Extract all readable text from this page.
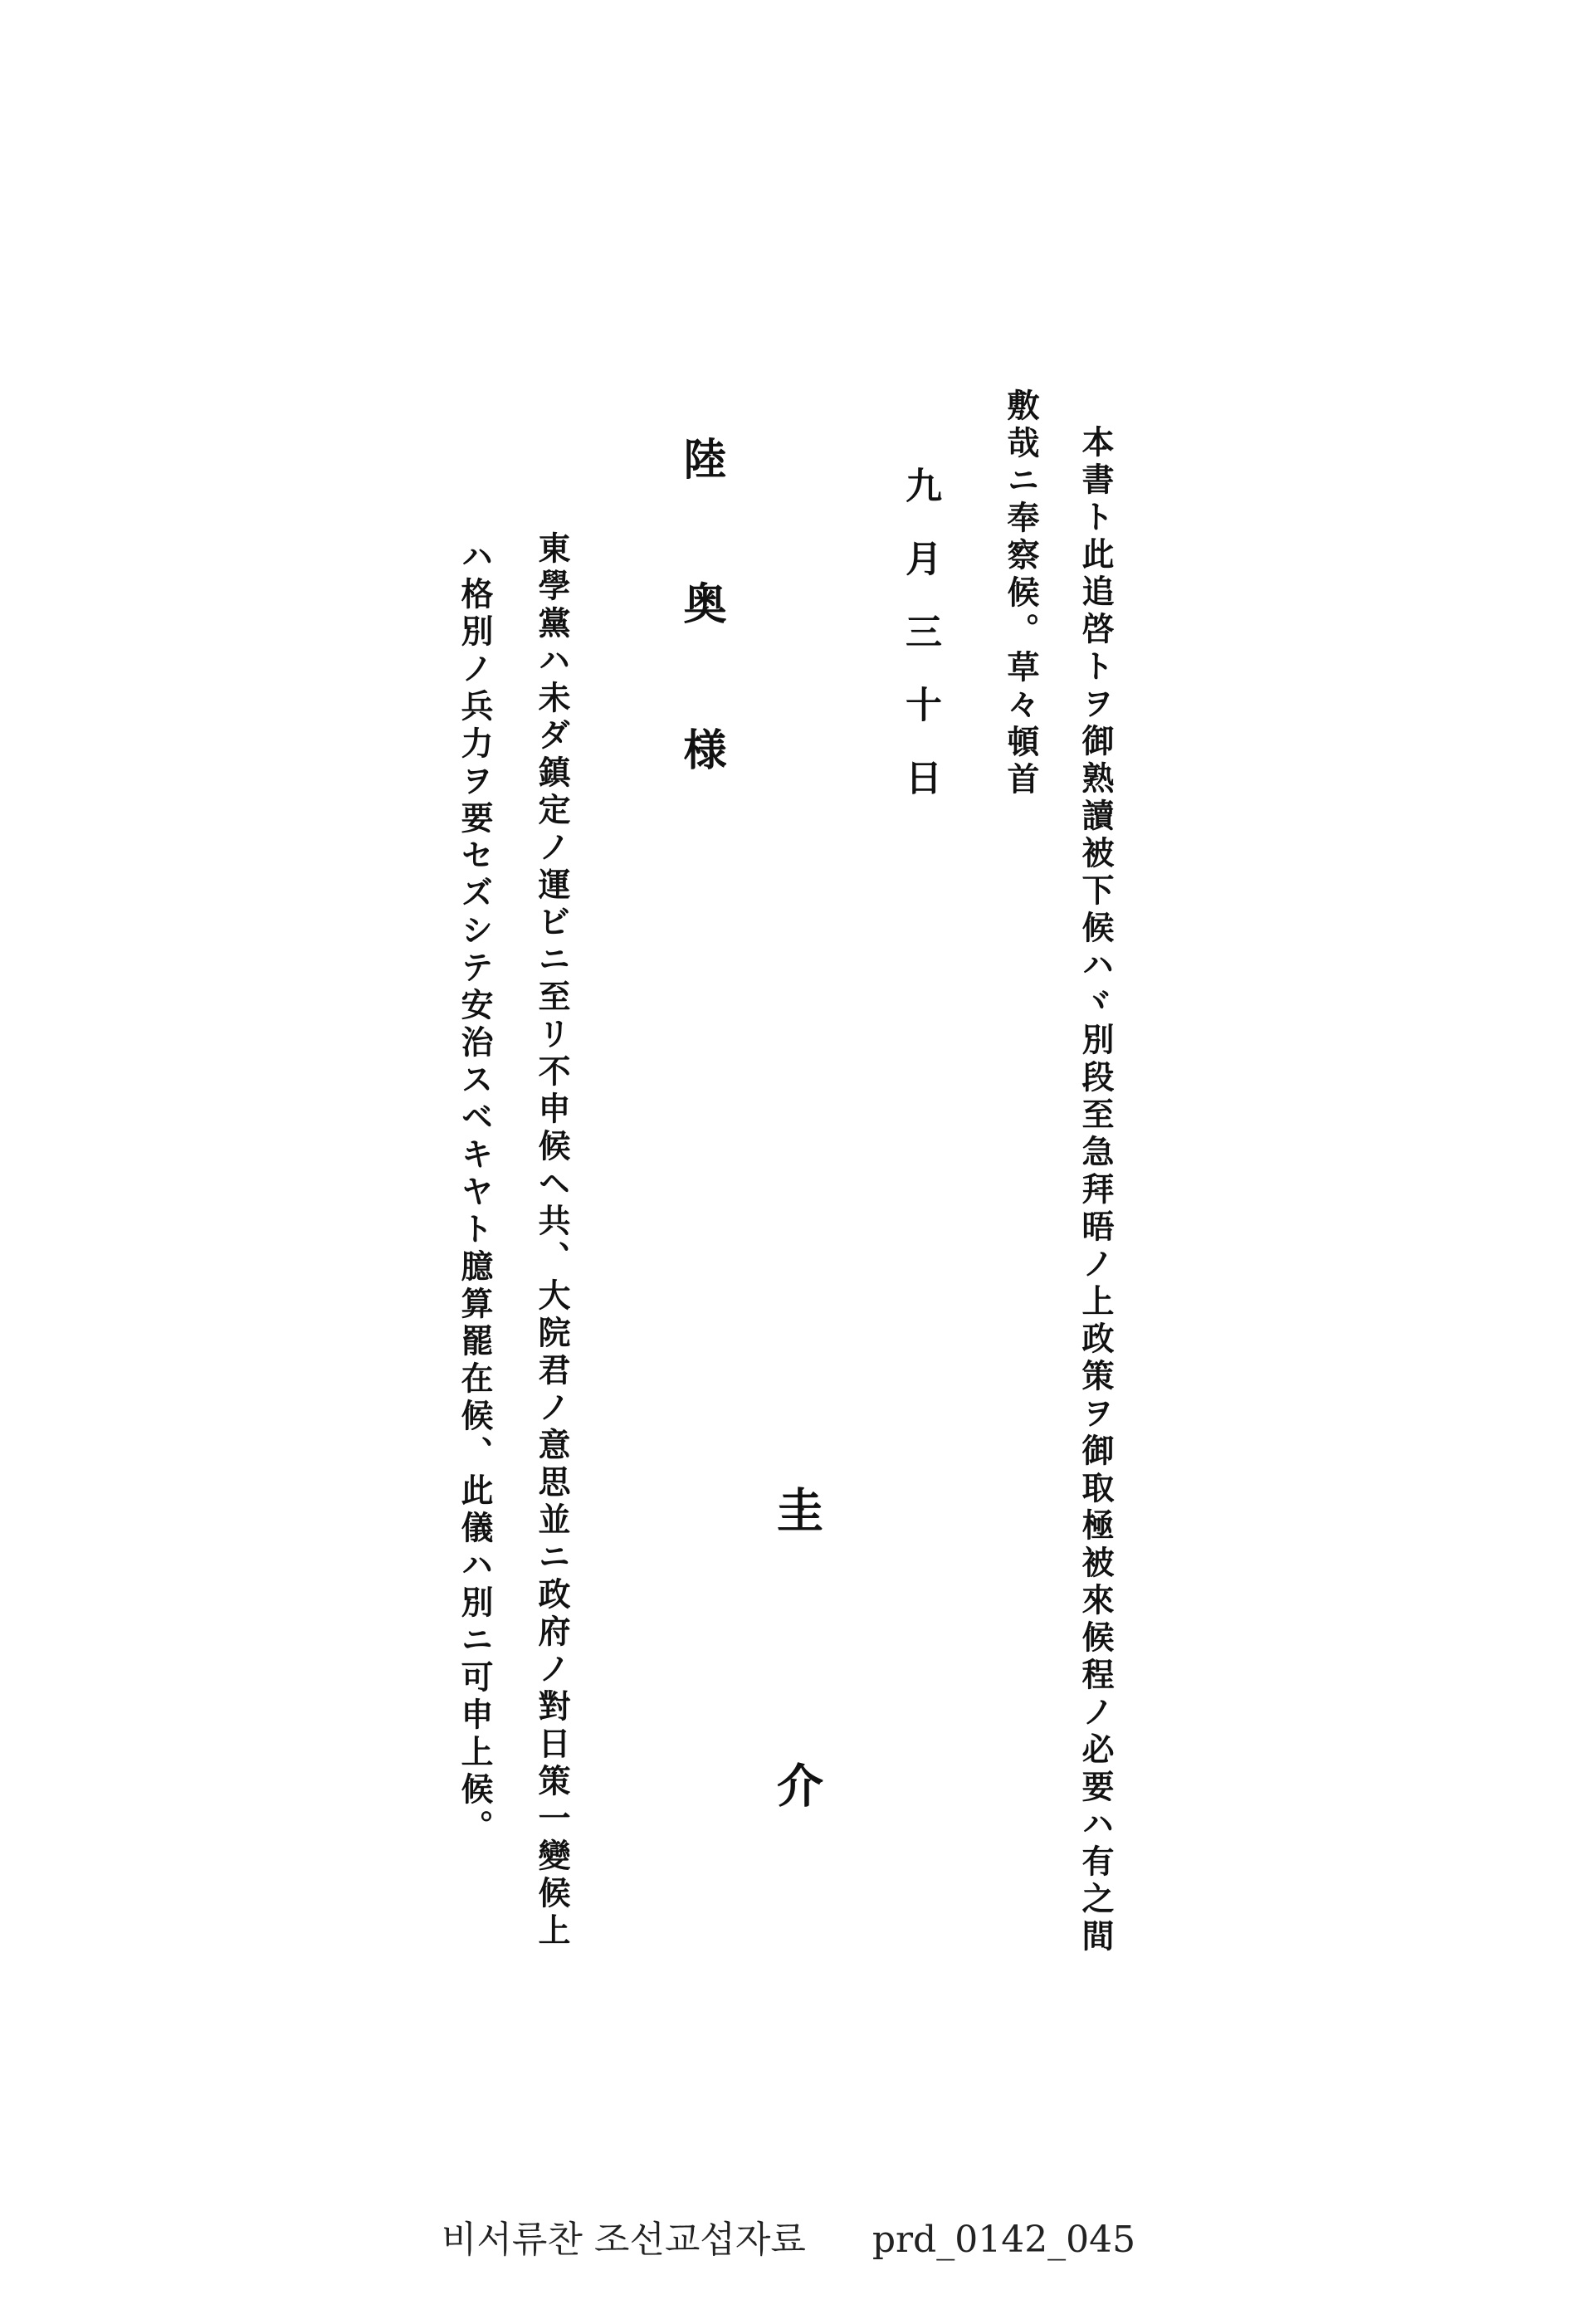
本書ト此追啓トヲ御熟讀被下候ハヾ別段至急拜晤ノ上政策ヲ御取極被來候程ノ必要ハ有之間
敷哉ニ奉察候。草々頓首
九月三十日
圭
介
陸
奥
様
東學黨ハ未ダ鎮定ノ運ビニ至リ不申候ヘ共、大院君ノ意思並ニ政府ノ對日策一變候上
ハ格別ノ兵力ヲ要セズシテ安治スベキヤト臆算罷在候、此儀ハ別ニ可申上候。
비서류찬 조선교섭자료 prd_0142_045
